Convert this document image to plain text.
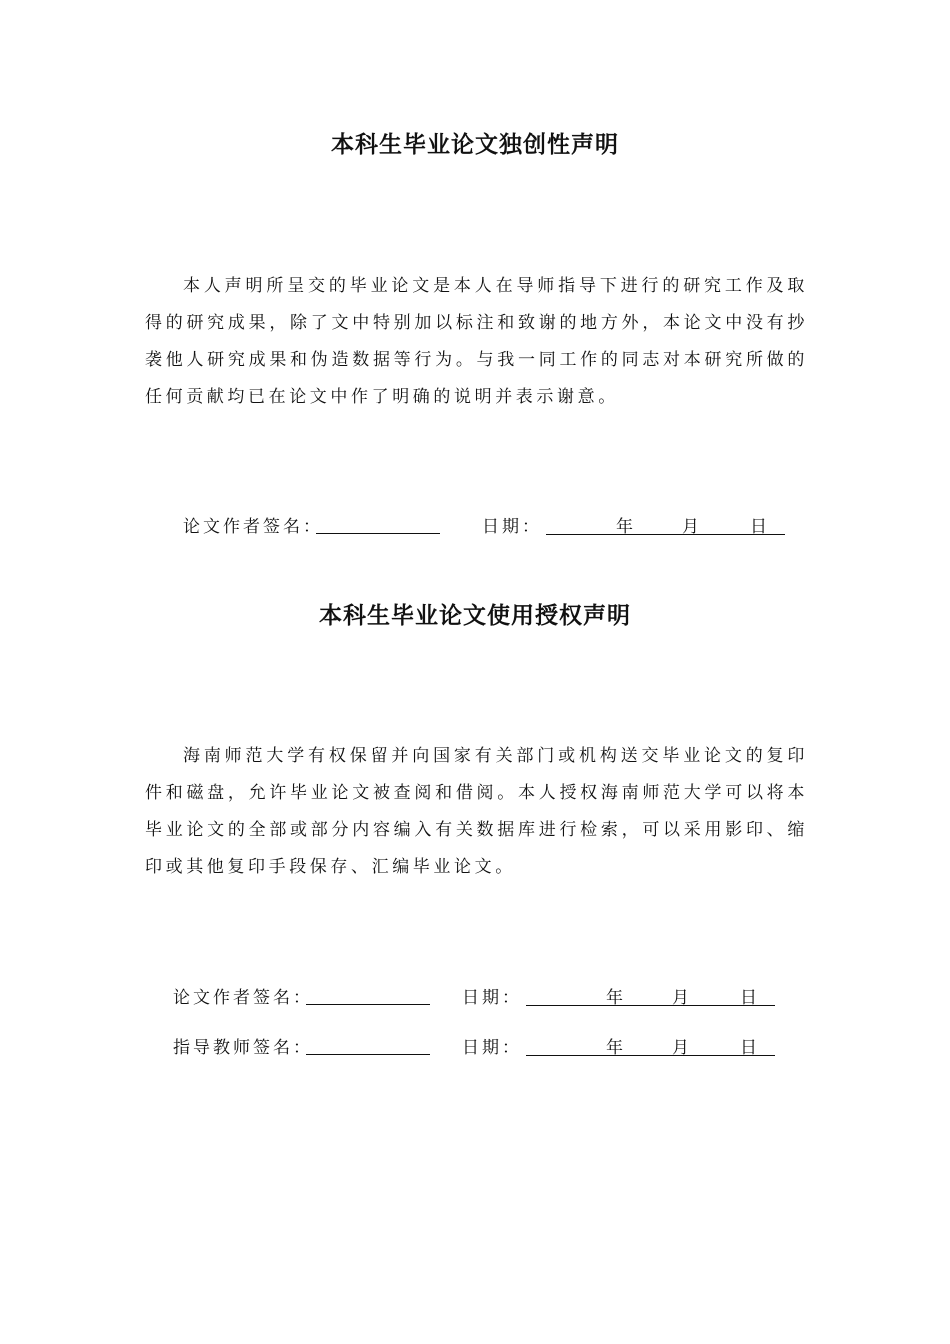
本科生毕业论文独创性声明

本人声明所呈交的毕业论文是本人在导师指导下进行的研究工作及取得的研究成果，除了文中特别加以标注和致谢的地方外，本论文中没有抄袭他人研究成果和伪造数据等行为。与我一同工作的同志对本研究所做的任何贡献均已在论文中作了明确的说明并表示谢意。

论文作者签名：	日期：	年	月	日
本科生毕业论文使用授权声明

海南师范大学有权保留并向国家有关部门或机构送交毕业论文的复印件和磁盘，允许毕业论文被查阅和借阅。本人授权海南师范大学可以将本毕业论文的全部或部分内容编入有关数据库进行检索，可以采用影印、缩印或其他复印手段保存、汇编毕业论文。

论文作者签名：	日期：	年	月	日
指导教师签名：	日期：	年	月	日
